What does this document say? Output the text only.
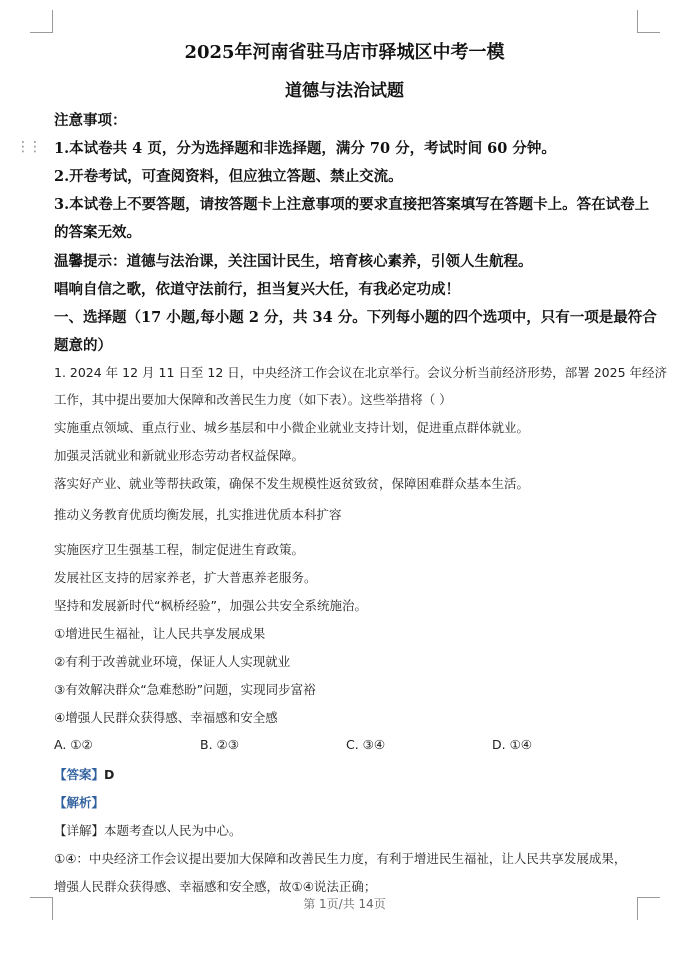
⋮⋮
2025年河南省驻马店市驿城区中考一模
道德与法治试题
注意事项：
1.本试卷共 4 页，分为选择题和非选择题，满分 70 分，考试时间 60 分钟。
2.开卷考试，可查阅资料，但应独立答题、禁止交流。
3.本试卷上不要答题，请按答题卡上注意事项的要求直接把答案填写在答题卡上。答在试卷上
的答案无效。
温馨提示：道德与法治课，关注国计民生，培育核心素养，引领人生航程。
唱响自信之歌，依道守法前行，担当复兴大任，有我必定功成！
一、选择题（17 小题,每小题 2 分，共 34 分。下列每小题的四个选项中，只有一项是最符合
题意的）
1. 2024 年 12 月 11 日至 12 日，中央经济工作会议在北京举行。会议分析当前经济形势，部署 2025 年经济
工作，其中提出要加大保障和改善民生力度（如下表）。这些举措将（ ）
实施重点领域、重点行业、城乡基层和中小微企业就业支持计划，促进重点群体就业。
加强灵活就业和新就业形态劳动者权益保障。
落实好产业、就业等帮扶政策，确保不发生规模性返贫致贫，保障困难群众基本生活。
推动义务教育优质均衡发展，扎实推进优质本科扩容
实施医疗卫生强基工程，制定促进生育政策。
发展社区支持的居家养老，扩大普惠养老服务。
坚持和发展新时代“枫桥经验”，加强公共安全系统施治。
①增进民生福祉，让人民共享发展成果
②有利于改善就业环境，保证人人实现就业
③有效解决群众“急难愁盼”问题，实现同步富裕
④增强人民群众获得感、幸福感和安全感
A. ①②	B. ②③	C. ③④	D. ①④
【答案】D
【解析】
【详解】本题考查以人民为中心。
①④：中央经济工作会议提出要加大保障和改善民生力度，有利于增进民生福祉，让人民共享发展成果，
增强人民群众获得感、幸福感和安全感，故①④说法正确；
第 1页/共 14页
